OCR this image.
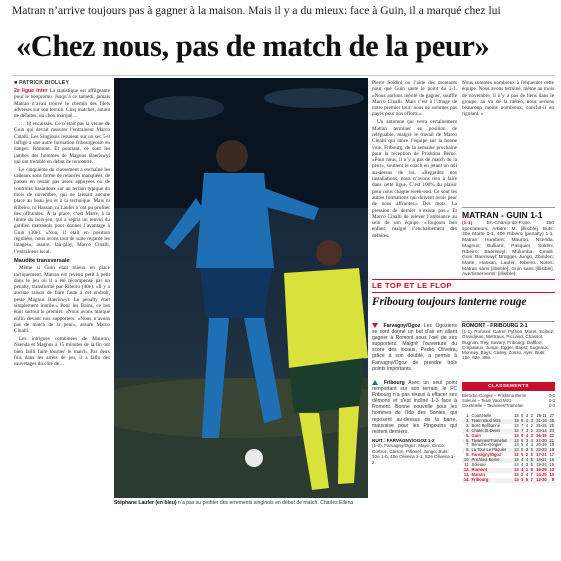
Matran n’arrive toujours pas à gagner à la maison. Mais il y a du mieux: face à Guin, il a marqué chez lui
«Chez nous, pas de match de la peur»
■ PATRICK BIOLLEY

2e ligue inter La statistique est affligeante pour le néopromu. Jusqu’à ce samedi, jamais Matran n’avait trouvé le chemin des filets adverses sur son terrain. Cinq matches, autant de défaites, un chou marqué…

… 18 encaissés. Ce n’était pas la venue de Guin qui devait rassurer l’entraîneur Marco Cinalli. Les Singinois restaient sur un sec 5-0 infligé à une autre formation fribourgeoise en danger: Romont. Et pourtant, ce sont les jambes des hommes de Magnus Baeriswyl qui ont tremblé en début de rencontre.

Le cinquième du classement a enchaîné les cadeaux sous forme de relances manquées, de passes en retrait pas assez appuyées ou de contrôles hasardeux sur un terrain typique du mois de novembre, qui ne laissait aucune place au beau jeu et à la technique. Mais ni Ribeiro, ni Hassan, ni Laufer n’ont pu profiter des offrandes. À la place, c’est Marte, à la limite du hors-jeu, qui a repris un renvoi du gardien matranois pour donner l’avantage à Guin (30e). «Non, il était en position régulière, nous avons tout de suite regardé les images», assure, fair-play, Marco Cinalli, l’entraîneur local.

Maudite transversale

Même si Guin était mieux en place tactiquement, Matran est revenu petit à petit dans le jeu où il a été récompensé par un penalty, transformé par Ribeiro (40e). «Il y a aucune raison de faire faute à cet endroit, peste Magnus Baeriswyl. Le penalty était simplement inutile.» Pour les Bains, ce but était surtout le premier. «Nous avons marqué enfin devant nos supporters. «Nous n’avons pas de match de la peur», assure Marco Cinalli.

Les intrigues combinées de Mauron, Nsenda et Magnus à 15 minutes de la fin ont bien failli faire tourner le match. Par deux fois dans les arrêts de jeu, il a fallu des sauvetages du côté de…

Stéphane Laufer (en bleu) n’a pas su profiter des errements singinois en début de match. Charles Ellena

Pierre Soldini ou l’aide des montants pour que Guin saute le point du 1-1. «Nous aurions mérité de gagner, souffle Marco Cinalli. Mais c’est à l’image de notre premier tour: nous ne sommes pas payés pour nos efforts.»

Un automne qui verra certainement Matran terminer en position de reléguable, malgré le travail de Marco Cinalli qui lance l’équipe sur la bonne voie. Fribourg, de la semaine prochaine pour la réception de Prishtina Berne. «Pour nous, il n’y a pas de match de la peur», soutient le coach en jetant un œil au-dessus de lui. «Regardez nos installations, nous n’avons rien à faire dans cette ligue. C’est 100% du plaisir pour nous chaque week-end. Ce sont les autres formations qui doivent avoir peur de nous affronter.» Des mots. La pression de dernier n’existe pas.» Et Marco Cinalli de relever l’ambiance au sein de son équipe. «Toujours bon enfant, malgré l’enchaînement des défaites.

Nous sommes nombreux à fréquenter cette équipe. Nous avons terminé, même au mois de novembre, il n’y a pas de liens dans le groupe, au vu de la météo, nous serions beaucoup moins nombreux, conclut-il en rigolant. »

MATRAN - GUIN 1-1
(1-1)	En-Champ-de-Foire. 150 spectateurs. Arbitre: M. [illisible]. Buts: 30e Marte 0-1, 40e Ribeiro (penalty) 1-1. Matran: Humbert; Mauron, Nsenda, Magnus; Bulliard, Pasquier, Soldini, Ribeiro; Baeriswyl, Mulumba, Cinalli. Guin: Baeriswyl; Brügger, Jungo, Zbinden; Marte, Hassan, Laufer, Ribeiro. Notes: Matran sans [illisible]; Guin sans [illisible]. Avertissements: [illisible].
LE TOP ET LE FLOP
Fribourg toujours lanterne rouge
Farvagny/Ogoz Les Ogoziens se sont donné un but d’air en allant gagner à Romont sous l’œil de ses supporters. Malgré l’ouverture du score des locaux, Pedro Oliveira, grâce à son doublé, a permis à Farvagny/Ogoz de prendre trois points importants.
Fribourg Avec un seul point remportant sur son terrain, le FC Fribourg n’a pas réussi à effacer ses démons et s’est incliné 1-3 face à Romont. Bonne nouvelle pour les hommes de l’Ido des Sonies, qui reposent au-dessus de la barre, mauvaise pour les Pingouins qui restent derniers.
NUIT : FARVAGNY/OGOZ 1-2
(1-0). Farvagny/Ogoz: Mayo, Cinco, Corboz, Carron, Pillonel, Jungo; Buts: 10e 1-0, 40e Oliveira 1-1, 82e Oliveira 1-2.
ROMONT - FRIBOURG 2-1
(1-1). Romont: Carrel, Python, Moret, Sciboz; Grandjean, Mettraux, Piccand, Chassot, Bugnon; Rey, Savary. Fribourg: Dafflon; Corpataux, Jungo, Egger, Bapst; Sugnaux, Monney, Bays; Galley, Zosso, Ayer. Buts: 15e, 62e, 88e.
CLASSEMENTS
Béroche-Gorgier – Prishtina Berne	0-0
Soleure – Team Vaud M21	0-0
Courtételle – Tavannes/Tramelan	0-0
1.	Courtételle	13	8	3	2	28-11	27
2.	Team Vaud M21	13	8	2	3	31-16	26
3.	Bosc Bellbanné	13	7	4	2	25-15	25
4.	Chatel St-Denis	12	7	3	2	23-14	24
5.	Guin	13	6	4	3	26-15	22
6.	Tavannes/Tramelan	13	6	3	4	24-20	21
7.	Béroche-Gorgier	13	5	4	4	20-19	19
8.	La Tour-Le Pâquier	13	5	3	5	22-23	18
9.	Farvagny/Ogoz	12	5	2	5	17-21	17
10.	Prishtina Berne	13	4	4	5	18-21	16
11.	Soleure	13	4	3	6	19-24	15
12.	Romont	13	4	1	8	16-29	13
13.	Matran	13	2	4	7	14-29	10
14.	Fribourg	13	1	5	7	12-30	8
